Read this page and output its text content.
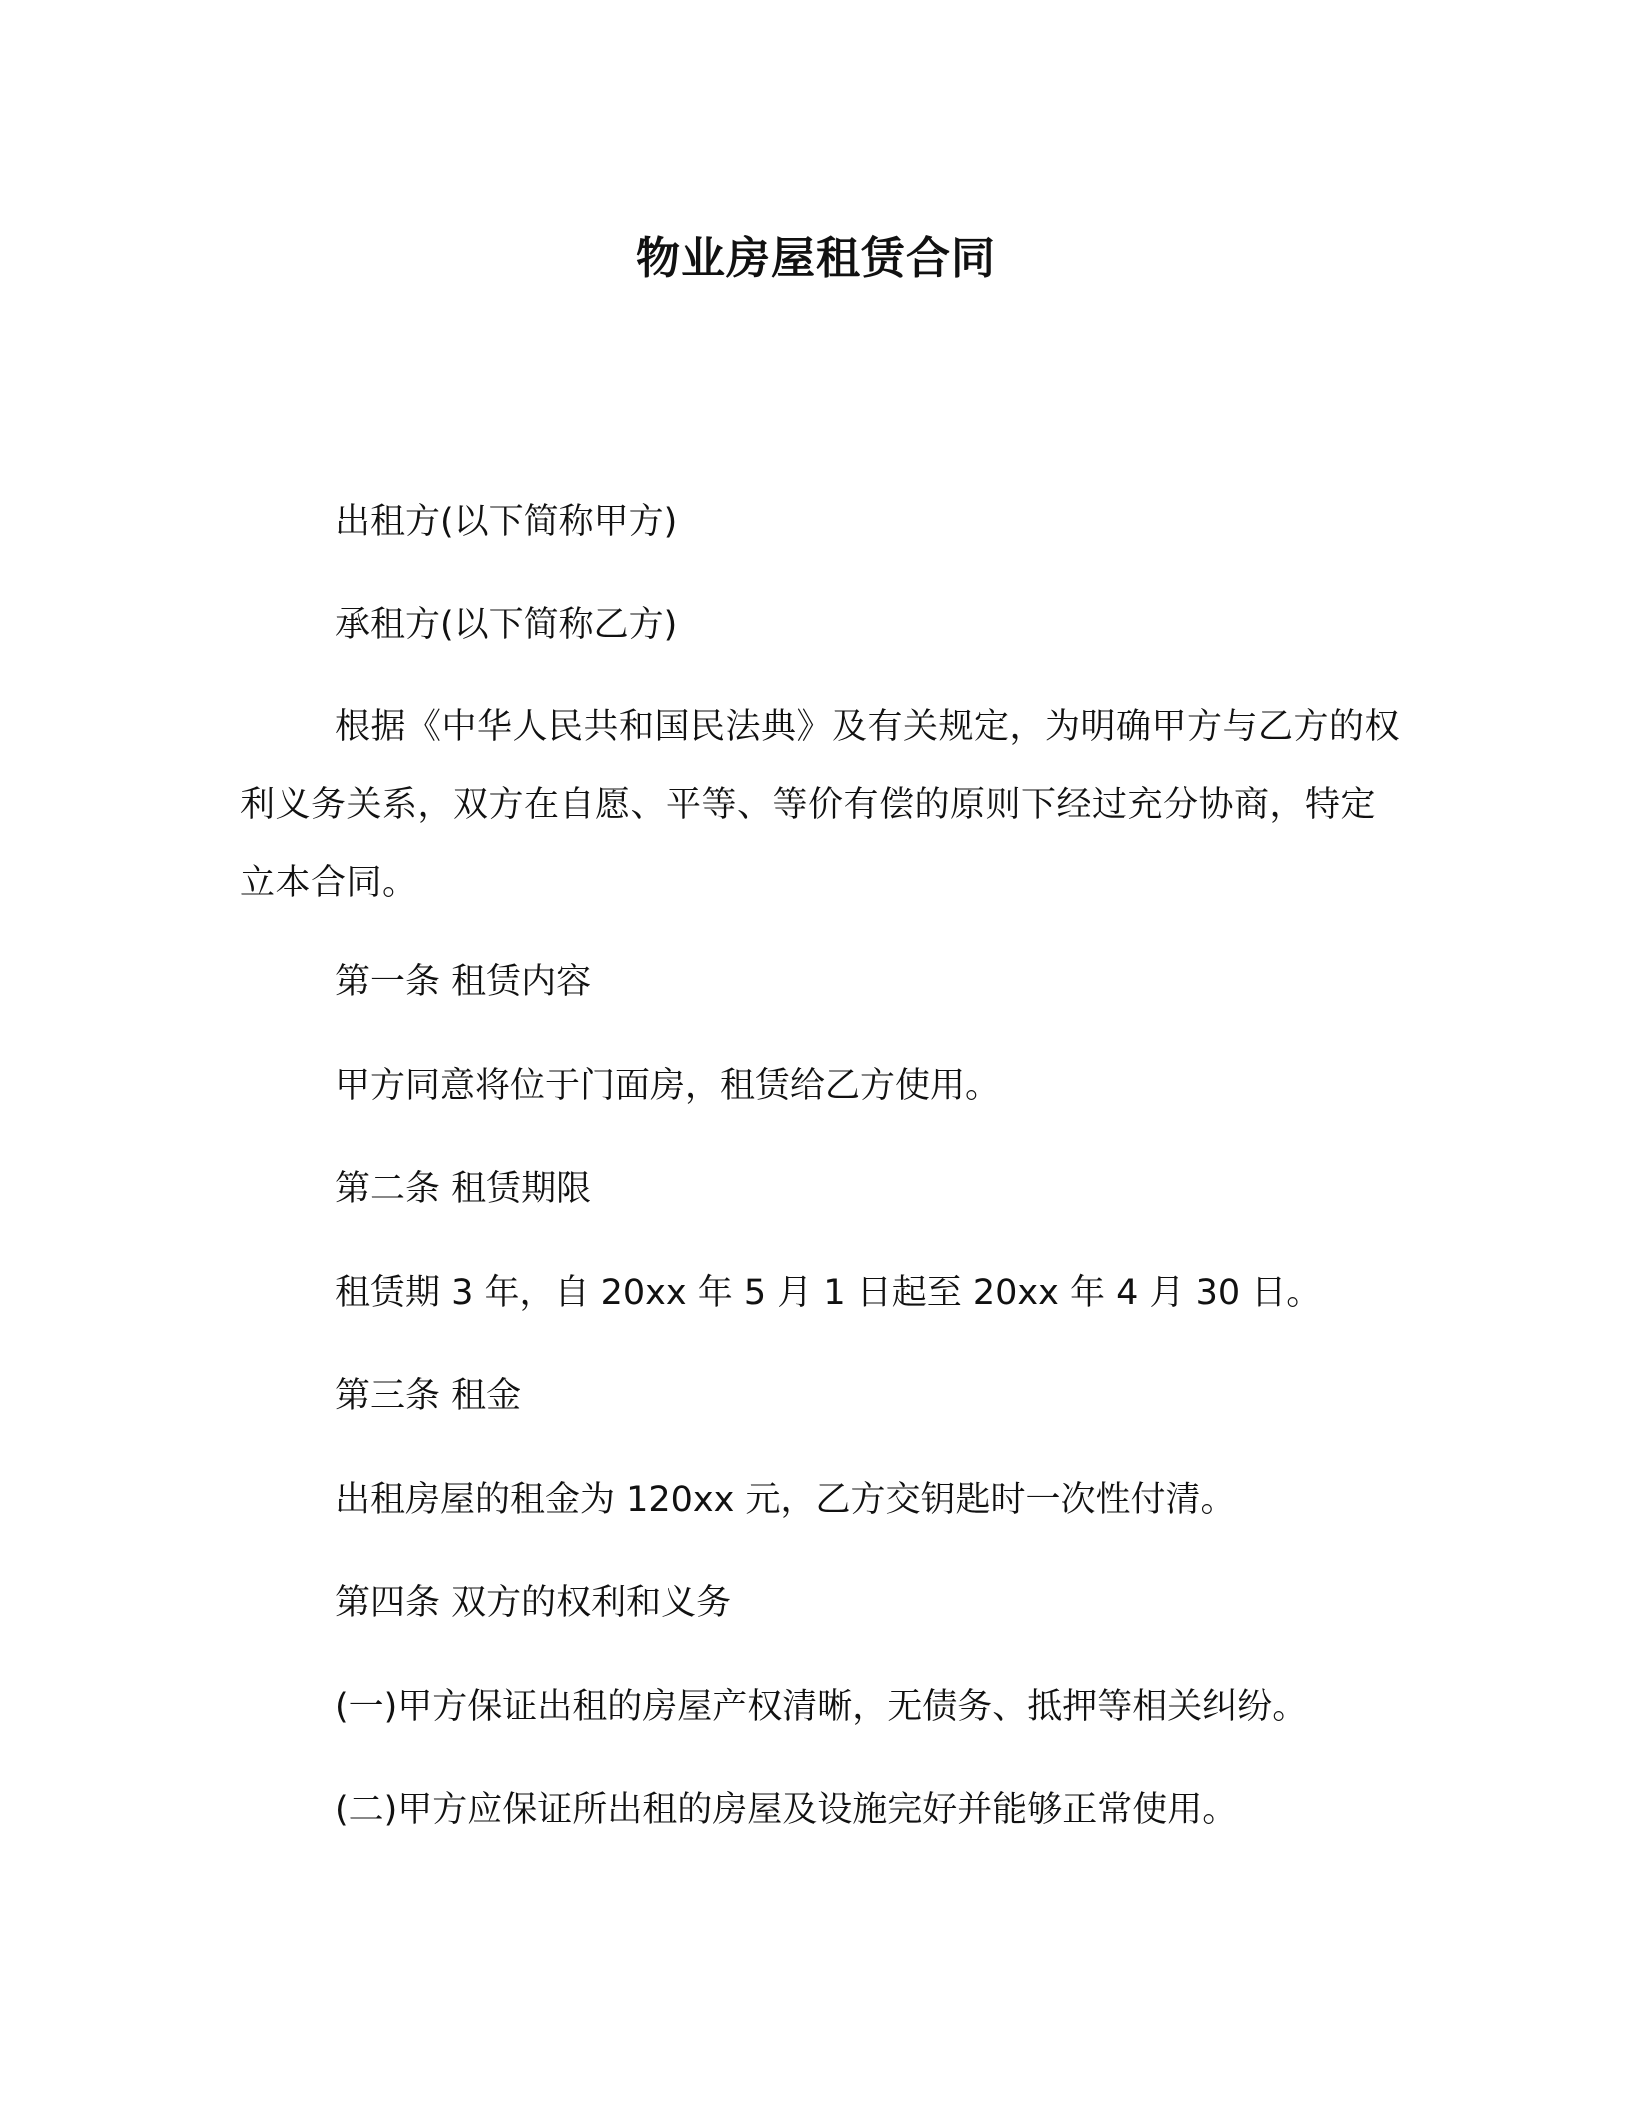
物业房屋租赁合同

出租方(以下简称甲方)

承租方(以下简称乙方)

根据《中华人民共和国民法典》及有关规定，为明确甲方与乙方的权利义务关系，双方在自愿、平等、等价有偿的原则下经过充分协商，特定立本合同。

第一条 租赁内容

甲方同意将位于门面房，租赁给乙方使用。

第二条 租赁期限

租赁期 3 年，自 20xx 年 5 月 1 日起至 20xx 年 4 月 30 日。

第三条 租金

出租房屋的租金为 120xx 元，乙方交钥匙时一次性付清。

第四条 双方的权利和义务

(一)甲方保证出租的房屋产权清晰，无债务、抵押等相关纠纷。

(二)甲方应保证所出租的房屋及设施完好并能够正常使用。
